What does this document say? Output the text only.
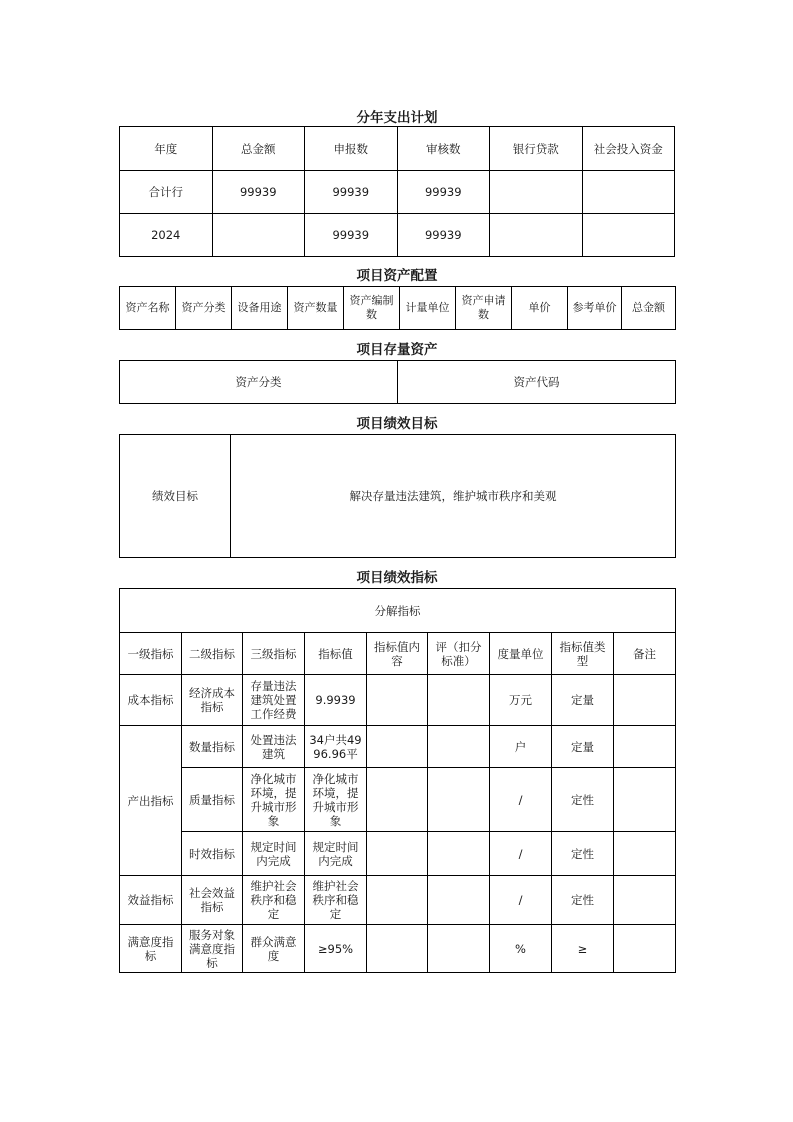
分年支出计划
年度	总金额	申报数	审核数	银行贷款	社会投入资金
合计行	99939	99939	99939		
2024		99939	99939		
项目资产配置
资产名称	资产分类	设备用途	资产数量	资产编制数	计量单位	资产申请数	单价	参考单价	总金额
项目存量资产
资产分类	资产代码
项目绩效目标
绩效目标	解决存量违法建筑，维护城市秩序和美观
项目绩效指标
分解指标								
一级指标	二级指标	三级指标	指标值	指标值内容	评（扣分标准）	度量单位	指标值类型	备注
成本指标	经济成本指标	存量违法建筑处置工作经费	9.9939			万元	定量	
产出指标	数量指标	处置违法建筑	34户共4996.96平			户	定量	
	质量指标	净化城市环境，提升城市形象	净化城市环境，提升城市形象			/	定性	
	时效指标	规定时间内完成	规定时间内完成			/	定性	
效益指标	社会效益指标	维护社会秩序和稳定	维护社会秩序和稳定			/	定性	
满意度指标	服务对象满意度指标	群众满意度	≥95%			%	≥	
